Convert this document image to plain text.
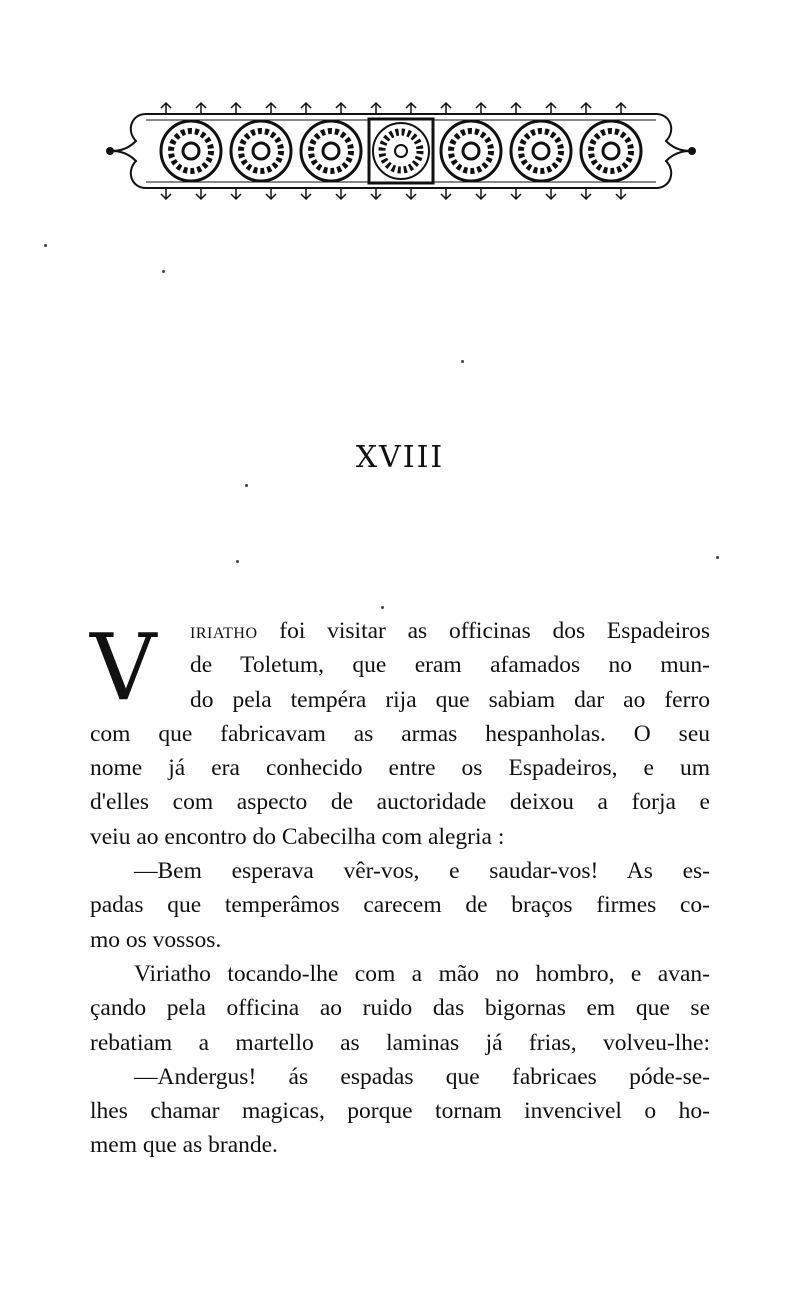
XVIII
V iriatho foi visitar as officinas dos Espadeiros
de Toletum, que eram afamados no mun-
do pela tempéra rija que sabiam dar ao ferro
com que fabricavam as armas hespanholas. O seu
nome já era conhecido entre os Espadeiros, e um
d'elles com aspecto de auctoridade deixou a forja e
veiu ao encontro do Cabecilha com alegria :
—Bem esperava vêr-vos, e saudar-vos! As es-
padas que temperâmos carecem de braços firmes co-
mo os vossos.
Viriatho tocando-lhe com a mão no hombro, e avan-
çando pela officina ao ruido das bigornas em que se
rebatiam a martello as laminas já frias, volveu-lhe:
—Andergus! ás espadas que fabricaes póde-se-
lhes chamar magicas, porque tornam invencivel o ho-
mem que as brande.
